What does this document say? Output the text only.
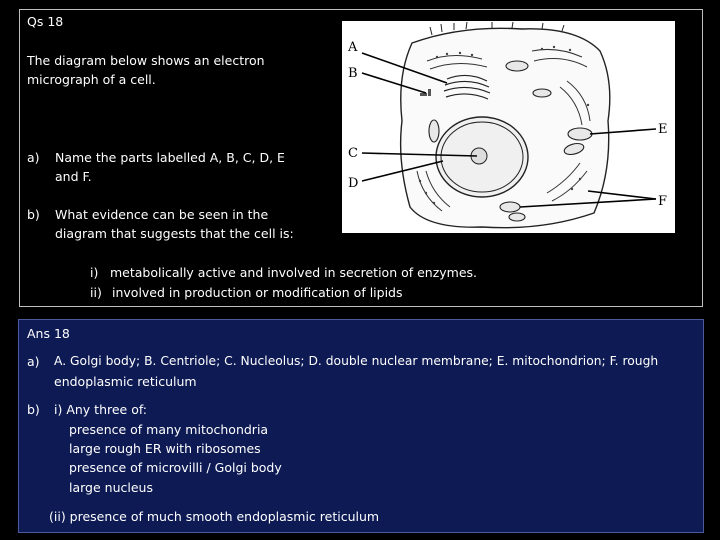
Qs 18
The diagram below shows an electron
micrograph of a cell.
a) Name the parts labelled A, B, C, D, E
and F.
b) What evidence can be seen in the
diagram that suggests that the cell is:
i) metabolically active and involved in secretion of enzymes.
ii) involved in production or modification of lipids
A
B
C
D
E
F
Ans 18
a) A. Golgi body; B. Centriole; C. Nucleolus; D. double nuclear membrane; E. mitochondrion; F. rough
endoplasmic reticulum
b) i) Any three of:
presence of many mitochondria
large rough ER with ribosomes
presence of microvilli / Golgi body
large nucleus
(ii) presence of much smooth endoplasmic reticulum
